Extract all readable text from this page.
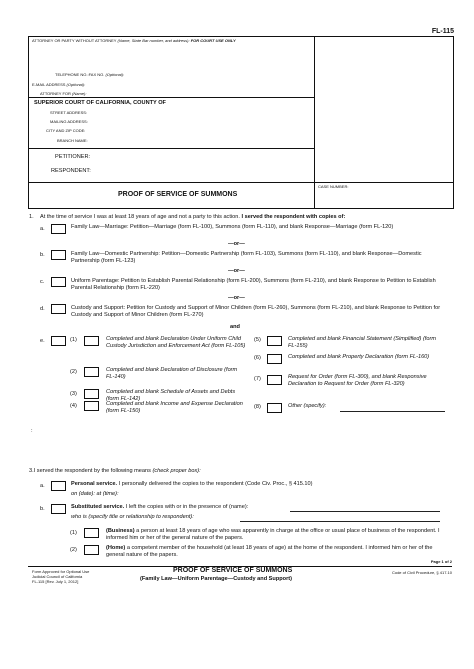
FL-115
ATTORNEY OR PARTY WITHOUT ATTORNEY (Name, State Bar number, and address): FOR COURT USE ONLY
TELEPHONE NO.:FAX NO. (Optional):
E-MAIL ADDRESS (Optional):
ATTORNEY FOR (Name):
SUPERIOR COURT OF CALIFORNIA, COUNTY OF
STREET ADDRESS:
MAILING ADDRESS:
CITY AND ZIP CODE:
BRANCH NAME:
PETITIONER:
RESPONDENT:
PROOF OF SERVICE OF SUMMONS
CASE NUMBER:
1. At the time of service I was at least 18 years of age and not a party to this action. I served the respondent with copies of:
a.	Family Law—Marriage: Petition—Marriage (form FL-100), Summons (form FL-110), and blank Response—Marriage (form FL-120)
—or—
b.	Family Law—Domestic Partnership: Petition—Domestic Partnership (form FL-103), Summons (form FL-110), and blank Response—Domestic Partnership (form FL-123)
—or—
c.	Uniform Parentage: Petition to Establish Parental Relationship (form FL-200), Summons (form FL-210), and blank Response to Petition to Establish Parental Relationship (form FL-220)
—or—
d.	Custody and Support: Petition for Custody and Support of Minor Children (form FL-260), Summons (form FL-210), and blank Response to Petition for Custody and Support of Minor Children (form FL-270)
and
e.	(1)	Completed and blank Declaration Under Uniform Child Custody Jurisdiction and Enforcement Act (form FL-105)
(2)	Completed and blank Declaration of Disclosure (form FL-140)
(3)	Completed and blank Schedule of Assets and Debts (form FL-142)
(4)	Completed and blank Income and Expense Declaration (form FL-150)
(5)	Completed and blank Financial Statement (Simplified) (form FL-155)
(6)	Completed and blank Property Declaration (form FL-160)
(7)	Request for Order (form FL-300), and blank Responsive Declaration to Request for Order (form FL-320)
(8)	Other (specify):
:
3.I served the respondent by the following means (check proper box):
a.	Personal service. I personally delivered the copies to the respondent (Code Civ. Proc., § 415.10)
on (date): at (time):
b.	Substituted service. I left the copies with or in the presence of (name):
who is (specify title or relationship to respondent):
(1)	(Business) a person at least 18 years of age who was apparently in charge at the office or usual place of business of the respondent. I informed him or her of the general nature of the papers.
(2)	(Home) a competent member of the household (at least 18 years of age) at the home of the respondent. I informed him or her of the general nature of the papers.
Page 1 of 2
Form Approved for Optional Use
Judicial Council of California
FL-115 [Rev. July 1, 2012]
PROOF OF SERVICE OF SUMMONS
(Family Law—Uniform Parentage—Custody and Support)
Code of Civil Procedure, § 417.10
